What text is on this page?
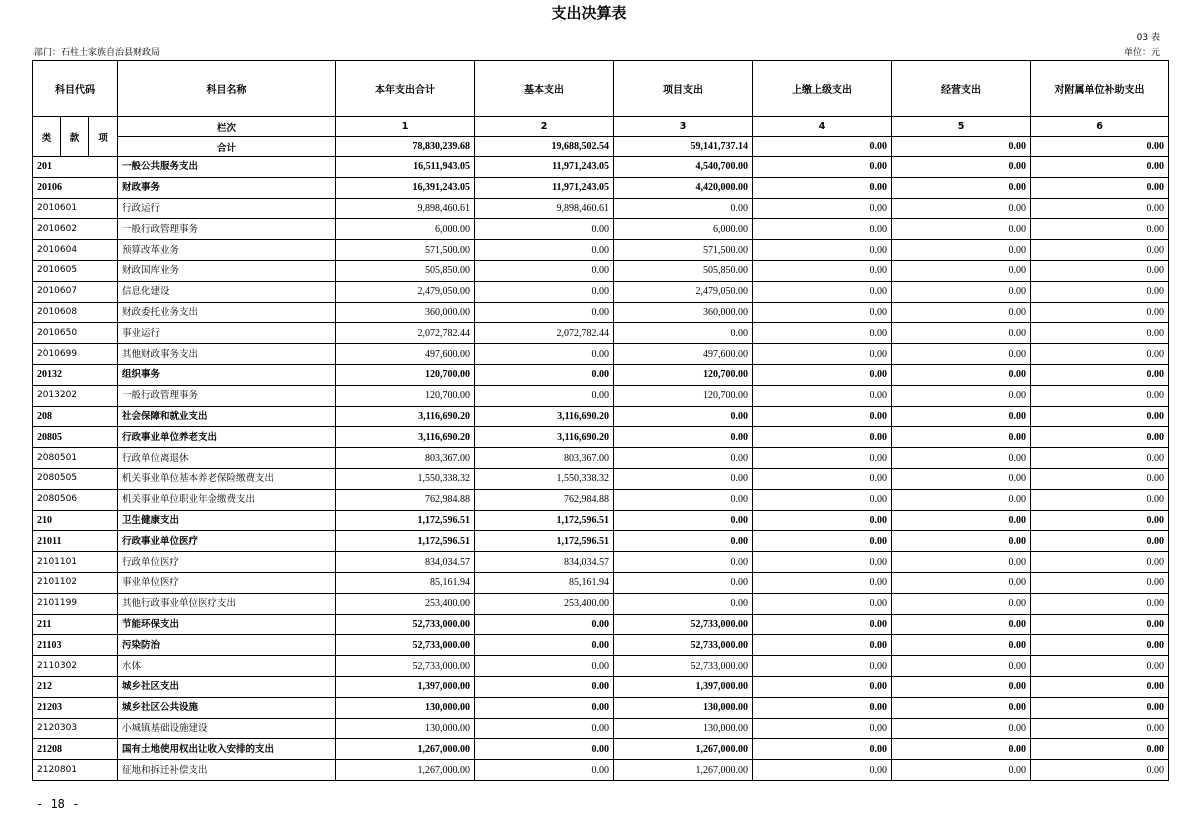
支出决算表
03 表
部门：石柱土家族自治县财政局	单位：元
科目代码			科目名称	本年支出合计	基本支出	项目支出	上缴上级支出	经营支出	对附属单位补助支出
类	款	项	栏次	1	2	3	4	5	6
			合计	78,830,239.68	19,688,502.54	59,141,737.14	0.00	0.00	0.00
201			一般公共服务支出	16,511,943.05	11,971,243.05	4,540,700.00	0.00	0.00	0.00
20106			财政事务	16,391,243.05	11,971,243.05	4,420,000.00	0.00	0.00	0.00
2010601			行政运行	9,898,460.61	9,898,460.61	0.00	0.00	0.00	0.00
2010602			一般行政管理事务	6,000.00	0.00	6,000.00	0.00	0.00	0.00
2010604			预算改革业务	571,500.00	0.00	571,500.00	0.00	0.00	0.00
2010605			财政国库业务	505,850.00	0.00	505,850.00	0.00	0.00	0.00
2010607			信息化建设	2,479,050.00	0.00	2,479,050.00	0.00	0.00	0.00
2010608			财政委托业务支出	360,000.00	0.00	360,000.00	0.00	0.00	0.00
2010650			事业运行	2,072,782.44	2,072,782.44	0.00	0.00	0.00	0.00
2010699			其他财政事务支出	497,600.00	0.00	497,600.00	0.00	0.00	0.00
20132			组织事务	120,700.00	0.00	120,700.00	0.00	0.00	0.00
2013202			一般行政管理事务	120,700.00	0.00	120,700.00	0.00	0.00	0.00
208			社会保障和就业支出	3,116,690.20	3,116,690.20	0.00	0.00	0.00	0.00
20805			行政事业单位养老支出	3,116,690.20	3,116,690.20	0.00	0.00	0.00	0.00
2080501			行政单位离退休	803,367.00	803,367.00	0.00	0.00	0.00	0.00
2080505			机关事业单位基本养老保险缴费支出	1,550,338.32	1,550,338.32	0.00	0.00	0.00	0.00
2080506			机关事业单位职业年金缴费支出	762,984.88	762,984.88	0.00	0.00	0.00	0.00
210			卫生健康支出	1,172,596.51	1,172,596.51	0.00	0.00	0.00	0.00
21011			行政事业单位医疗	1,172,596.51	1,172,596.51	0.00	0.00	0.00	0.00
2101101			行政单位医疗	834,034.57	834,034.57	0.00	0.00	0.00	0.00
2101102			事业单位医疗	85,161.94	85,161.94	0.00	0.00	0.00	0.00
2101199			其他行政事业单位医疗支出	253,400.00	253,400.00	0.00	0.00	0.00	0.00
211			节能环保支出	52,733,000.00	0.00	52,733,000.00	0.00	0.00	0.00
21103			污染防治	52,733,000.00	0.00	52,733,000.00	0.00	0.00	0.00
2110302			水体	52,733,000.00	0.00	52,733,000.00	0.00	0.00	0.00
212			城乡社区支出	1,397,000.00	0.00	1,397,000.00	0.00	0.00	0.00
21203			城乡社区公共设施	130,000.00	0.00	130,000.00	0.00	0.00	0.00
2120303			小城镇基础设施建设	130,000.00	0.00	130,000.00	0.00	0.00	0.00
21208			国有土地使用权出让收入安排的支出	1,267,000.00	0.00	1,267,000.00	0.00	0.00	0.00
2120801			征地和拆迁补偿支出	1,267,000.00	0.00	1,267,000.00	0.00	0.00	0.00
- 18 -
